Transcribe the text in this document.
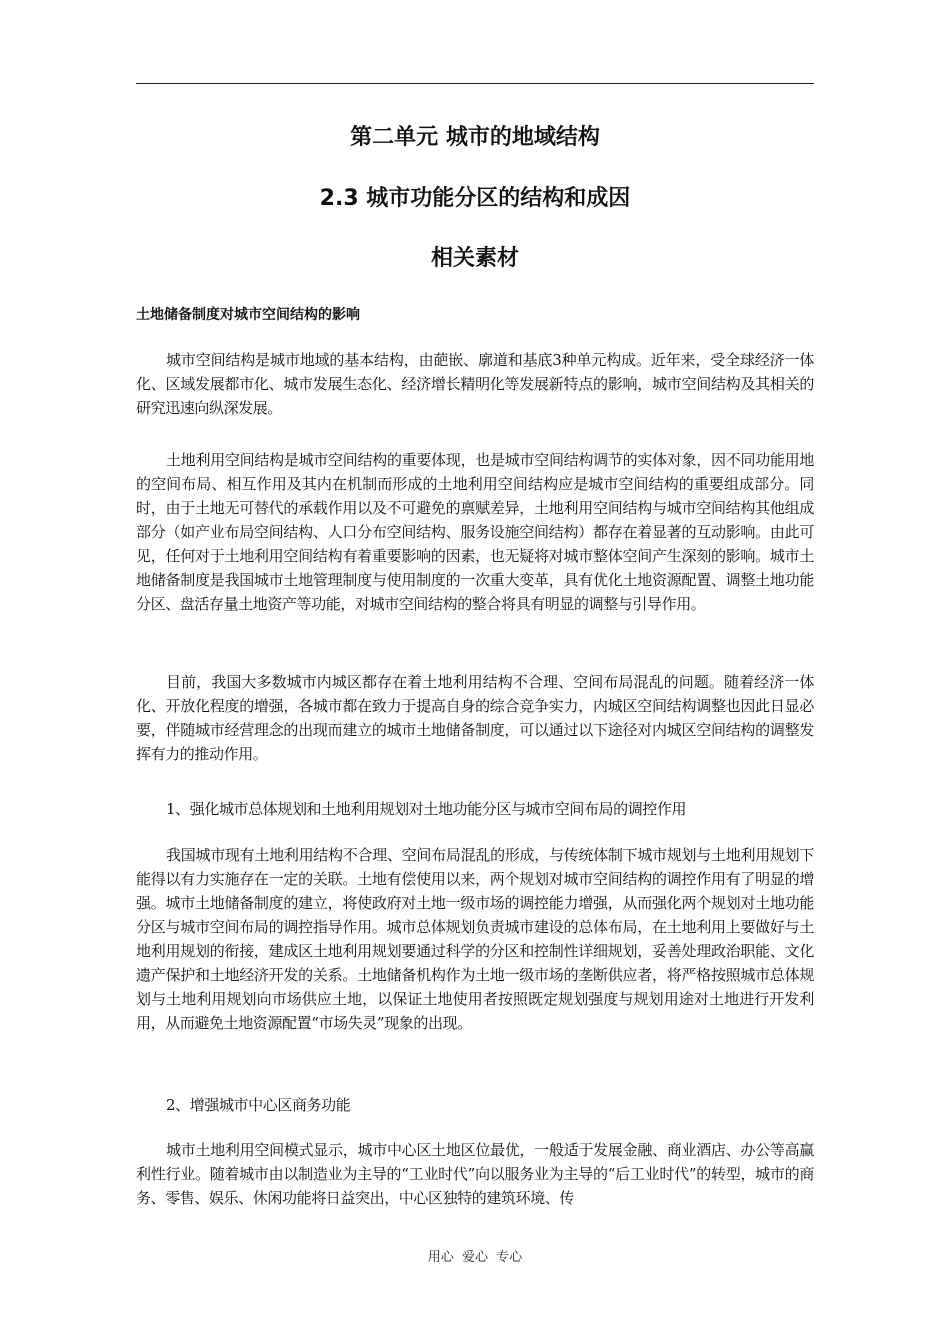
第二单元 城市的地域结构
2.3 城市功能分区的结构和成因
相关素材
土地储备制度对城市空间结构的影响

城市空间结构是城市地域的基本结构，由葩嵌、廓道和基底3种单元构成。近年来，受全球经济一体化、区域发展都市化、城市发展生态化、经济增长精明化等发展新特点的影响，城市空间结构及其相关的研究迅速向纵深发展。

土地利用空间结构是城市空间结构的重要体现，也是城市空间结构调节的实体对象，因不同功能用地的空间布局、相互作用及其内在机制而形成的土地利用空间结构应是城市空间结构的重要组成部分。同时，由于土地无可替代的承载作用以及不可避免的禀赋差异，土地利用空间结构与城市空间结构其他组成部分（如产业布局空间结构、人口分布空间结构、服务设施空间结构）都存在着显著的互动影响。由此可见，任何对于土地利用空间结构有着重要影响的因素，也无疑将对城市整体空间产生深刻的影响。城市土地储备制度是我国城市土地管理制度与使用制度的一次重大变革，具有优化土地资源配置、调整土地功能分区、盘活存量土地资产等功能，对城市空间结构的整合将具有明显的调整与引导作用。

目前，我国大多数城市内城区都存在着土地利用结构不合理、空间布局混乱的问题。随着经济一体化、开放化程度的增强，各城市都在致力于提高自身的综合竞争实力，内城区空间结构调整也因此日显必要，伴随城市经营理念的出现而建立的城市土地储备制度，可以通过以下途径对内城区空间结构的调整发挥有力的推动作用。

1、强化城市总体规划和土地利用规划对土地功能分区与城市空间布局的调控作用

我国城市现有土地利用结构不合理、空间布局混乱的形成，与传统体制下城市规划与土地利用规划下能得以有力实施存在一定的关联。土地有偿使用以来，两个规划对城市空间结构的调控作用有了明显的增强。城市土地储备制度的建立，将使政府对土地一级市场的调控能力增强，从而强化两个规划对土地功能分区与城市空间布局的调控指导作用。城市总体规划负责城市建设的总体布局，在土地利用上要做好与土地利用规划的衔接，建成区土地利用规划要通过科学的分区和控制性详细规划，妥善处理政治职能、文化遗产保护和土地经济开发的关系。土地储备机构作为土地一级市场的垄断供应者，将严格按照城市总体规划与土地利用规划向市场供应土地，以保证土地使用者按照既定规划强度与规划用途对土地进行开发利用，从而避免土地资源配置“市场失灵”现象的出现。

2、增强城市中心区商务功能

城市土地利用空间模式显示，城市中心区土地区位最优，一般适于发展金融、商业酒店、办公等高赢利性行业。随着城市由以制造业为主导的“工业时代”向以服务业为主导的“后工业时代”的转型，城市的商务、零售、娱乐、休闲功能将日益突出，中心区独特的建筑环境、传

用心  爱心  专心
